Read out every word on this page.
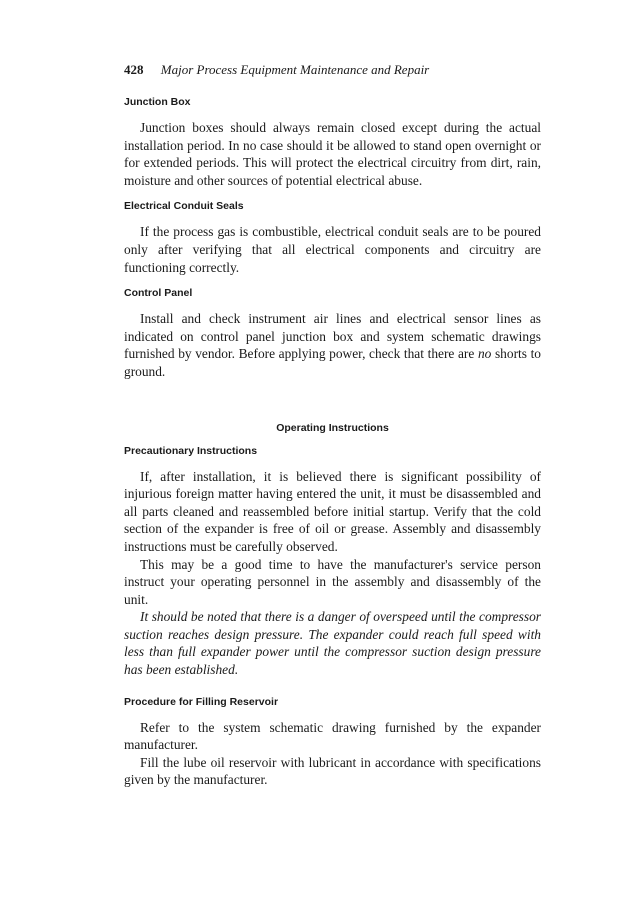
428 Major Process Equipment Maintenance and Repair
Junction Box

Junction boxes should always remain closed except during the actual installation period. In no case should it be allowed to stand open overnight or for extended periods. This will protect the electrical circuitry from dirt, rain, moisture and other sources of potential electrical abuse.

Electrical Conduit Seals

If the process gas is combustible, electrical conduit seals are to be poured only after verifying that all electrical components and circuitry are functioning correctly.

Control Panel

Install and check instrument air lines and electrical sensor lines as indicated on control panel junction box and system schematic drawings furnished by vendor. Before applying power, check that there are no shorts to ground.

Operating Instructions
Precautionary Instructions

If, after installation, it is believed there is significant possibility of injurious foreign matter having entered the unit, it must be disassembled and all parts cleaned and reassembled before initial startup. Verify that the cold section of the expander is free of oil or grease. Assembly and disassembly instructions must be carefully observed.

This may be a good time to have the manufacturer's service person instruct your operating personnel in the assembly and disassembly of the unit.

It should be noted that there is a danger of overspeed until the compressor suction reaches design pressure. The expander could reach full speed with less than full expander power until the compressor suction design pressure has been established.

Procedure for Filling Reservoir

Refer to the system schematic drawing furnished by the expander manufacturer.

Fill the lube oil reservoir with lubricant in accordance with specifications given by the manufacturer.
